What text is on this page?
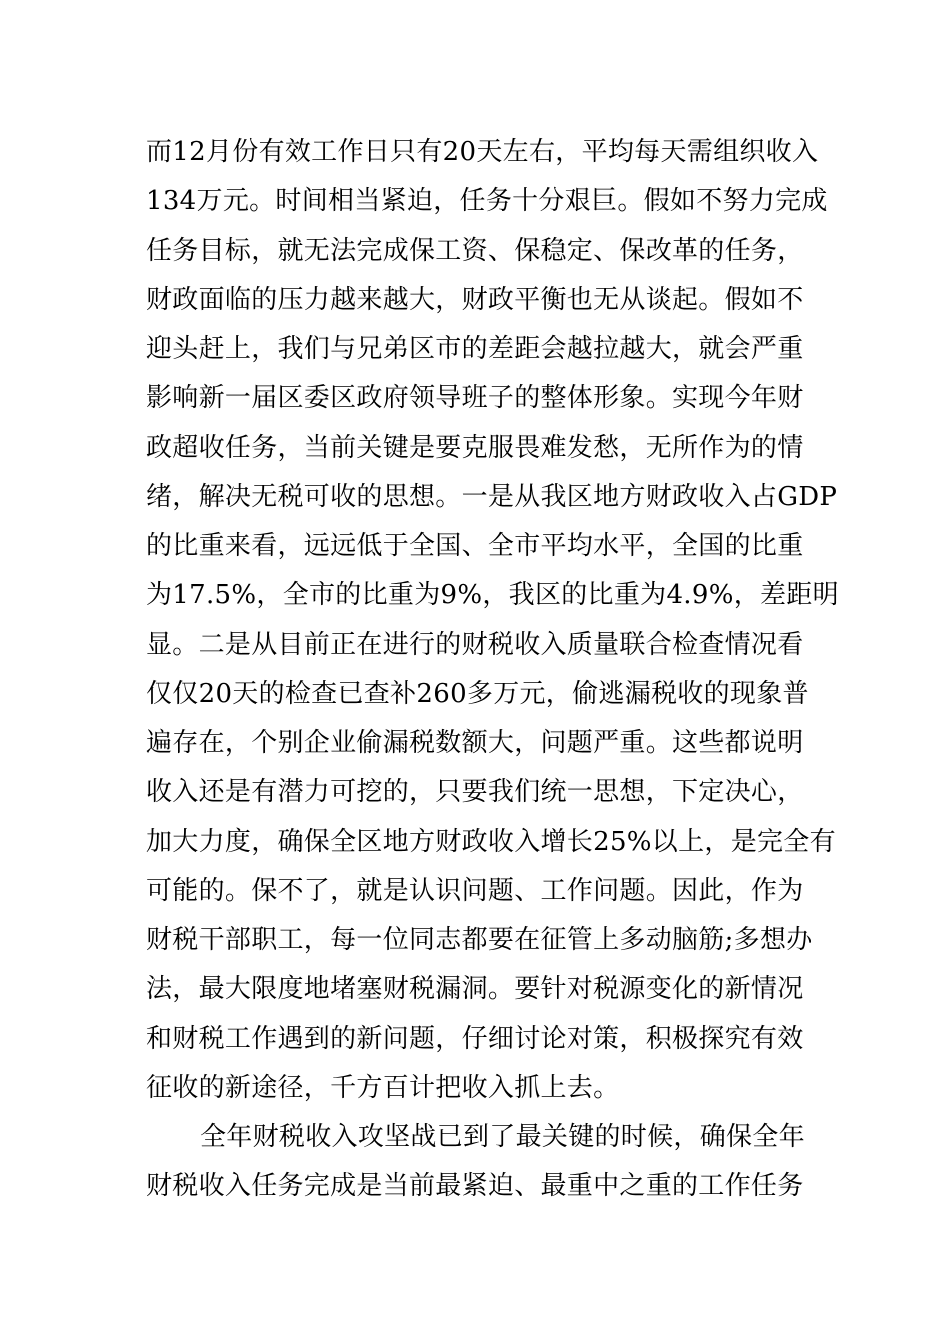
而12月份有效工作日只有20天左右，平均每天需组织收入
134万元。时间相当紧迫，任务十分艰巨。假如不努力完成
任务目标，就无法完成保工资、保稳定、保改革的任务，
财政面临的压力越来越大，财政平衡也无从谈起。假如不
迎头赶上，我们与兄弟区市的差距会越拉越大，就会严重
影响新一届区委区政府领导班子的整体形象。实现今年财
政超收任务，当前关键是要克服畏难发愁，无所作为的情
绪，解决无税可收的思想。一是从我区地方财政收入占GDP
的比重来看，远远低于全国、全市平均水平，全国的比重
为17.5%，全市的比重为9%，我区的比重为4.9%，差距明
显。二是从目前正在进行的财税收入质量联合检查情况看
仅仅20天的检查已查补260多万元，偷逃漏税收的现象普
遍存在，个别企业偷漏税数额大，问题严重。这些都说明
收入还是有潜力可挖的，只要我们统一思想，下定决心，
加大力度，确保全区地方财政收入增长25%以上，是完全有
可能的。保不了，就是认识问题、工作问题。因此，作为
财税干部职工，每一位同志都要在征管上多动脑筋;多想办
法，最大限度地堵塞财税漏洞。要针对税源变化的新情况
和财税工作遇到的新问题，仔细讨论对策，积极探究有效
征收的新途径，千方百计把收入抓上去。
全年财税收入攻坚战已到了最关键的时候，确保全年
财税收入任务完成是当前最紧迫、最重中之重的工作任务
